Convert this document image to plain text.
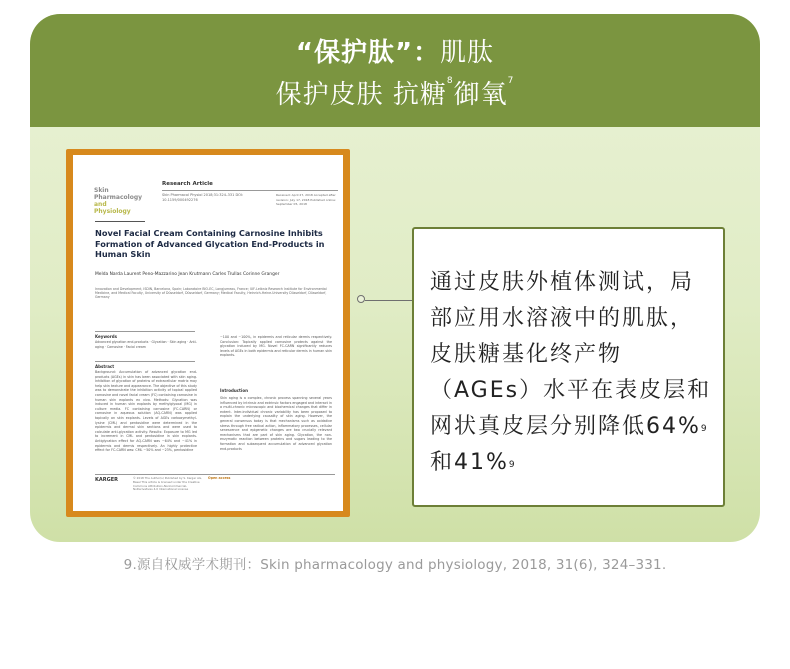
“保护肽”：肌肽
保护皮肤 抗糖$^8$御氧$^7$
Skin
Pharmacology
and
Physiology
Research Article
Skin Pharmacol Physiol 2018;31:324–331 DOI: 10.1159/000492276
Received: April 27, 2018 Accepted after revision: July 17, 2018 Published online: September 05, 2018
Novel Facial Cream Containing Carnosine Inhibits Formation of Advanced Glycation End-Products in Human Skin
Melda Narda Laurent Peno-Mazzarino Jean Krutmann Carles Trullas Corinne Granger
Innovation and Development, ISDIN, Barcelona, Spain; Laboratoire BIO-EC, Longjumeau, France; IUF-Leibniz Research Institute for Environmental Medicine, and Medical Faculty, University of Düsseldorf, Düsseldorf, Germany; Medical Faculty, Heinrich-Heine-University Düsseldorf, Düsseldorf, Germany
Keywords
Advanced glycation end-products · Glycation · Skin aging · Anti-aging · Carnosine · Facial cream
Abstract
Background: Accumulation of advanced glycation end-products (AGEs) in skin has been associated with skin aging. Inhibition of glycation of proteins of extracellular matrix may help skin texture and appearance. The objective of this study was to demonstrate the inhibition activity of topical applied carnosine and novel facial cream (FC) containing carnosine in human skin explants ex vivo. Methods: Glycation was induced in human skin explants by methylglyoxal (MG) in culture media. FC containing carnosine (FC-CARN) or carnosine in aqueous solution (AQ-CARN) was applied topically on skin explants. Levels of AGEs carboxymethyl-lysine (CML) and pentosidine were determined in the epidermis and dermal skin sections and were used to calculate anti-glycation activity. Results: Exposure to MG led to increment in CML and pentosidine in skin explants. Antiglycation effect for AQ-CARN was ~64% and ~41% in epidermis and dermis respectively. An highly protective effect for FC-CARN was: CML ~50% and ~23%, pentosidine
~100 and ~100%, in epidermis and reticular dermis respectively. Conclusion: Topically applied carnosine protects against the glycation induced by MG. Novel FC-CARN significantly reduces levels of AGEs in both epidermis and reticular dermis in human skin explants.
Introduction
Skin aging is a complex, chronic process spanning several years influenced by intrinsic and extrinsic factors engaged and interact in a multi-chronic microscopic and biochemical changes that differ in extent. Inter-individual chronic variability has been proposed to explain the underlying causality of skin aging. However, the general consensus today is that mechanisms such as oxidative stress through free radical action, inflammatory processes, cellular senescence and epigenetic changes are two crucially relevant mechanisms that are part of skin aging. Glycation, the non-enzymatic reaction between proteins and sugars leading to the formation and subsequent accumulation of advanced glycation end-products
KARGER	© 2018 The Author(s) Published by S. Karger AG, Basel This article is licensed under the Creative Commons Attribution-NonCommercial-NoDerivatives 4.0 International License
Open access
通过皮肤外植体测试，局部应用水溶液中的肌肽，皮肤糖基化终产物（AGEs）水平在表皮层和网状真皮层分别降低64%$^9$和41%$^9$
9.源自权威学术期刊：Skin pharmacology and physiology, 2018, 31(6), 324–331.
